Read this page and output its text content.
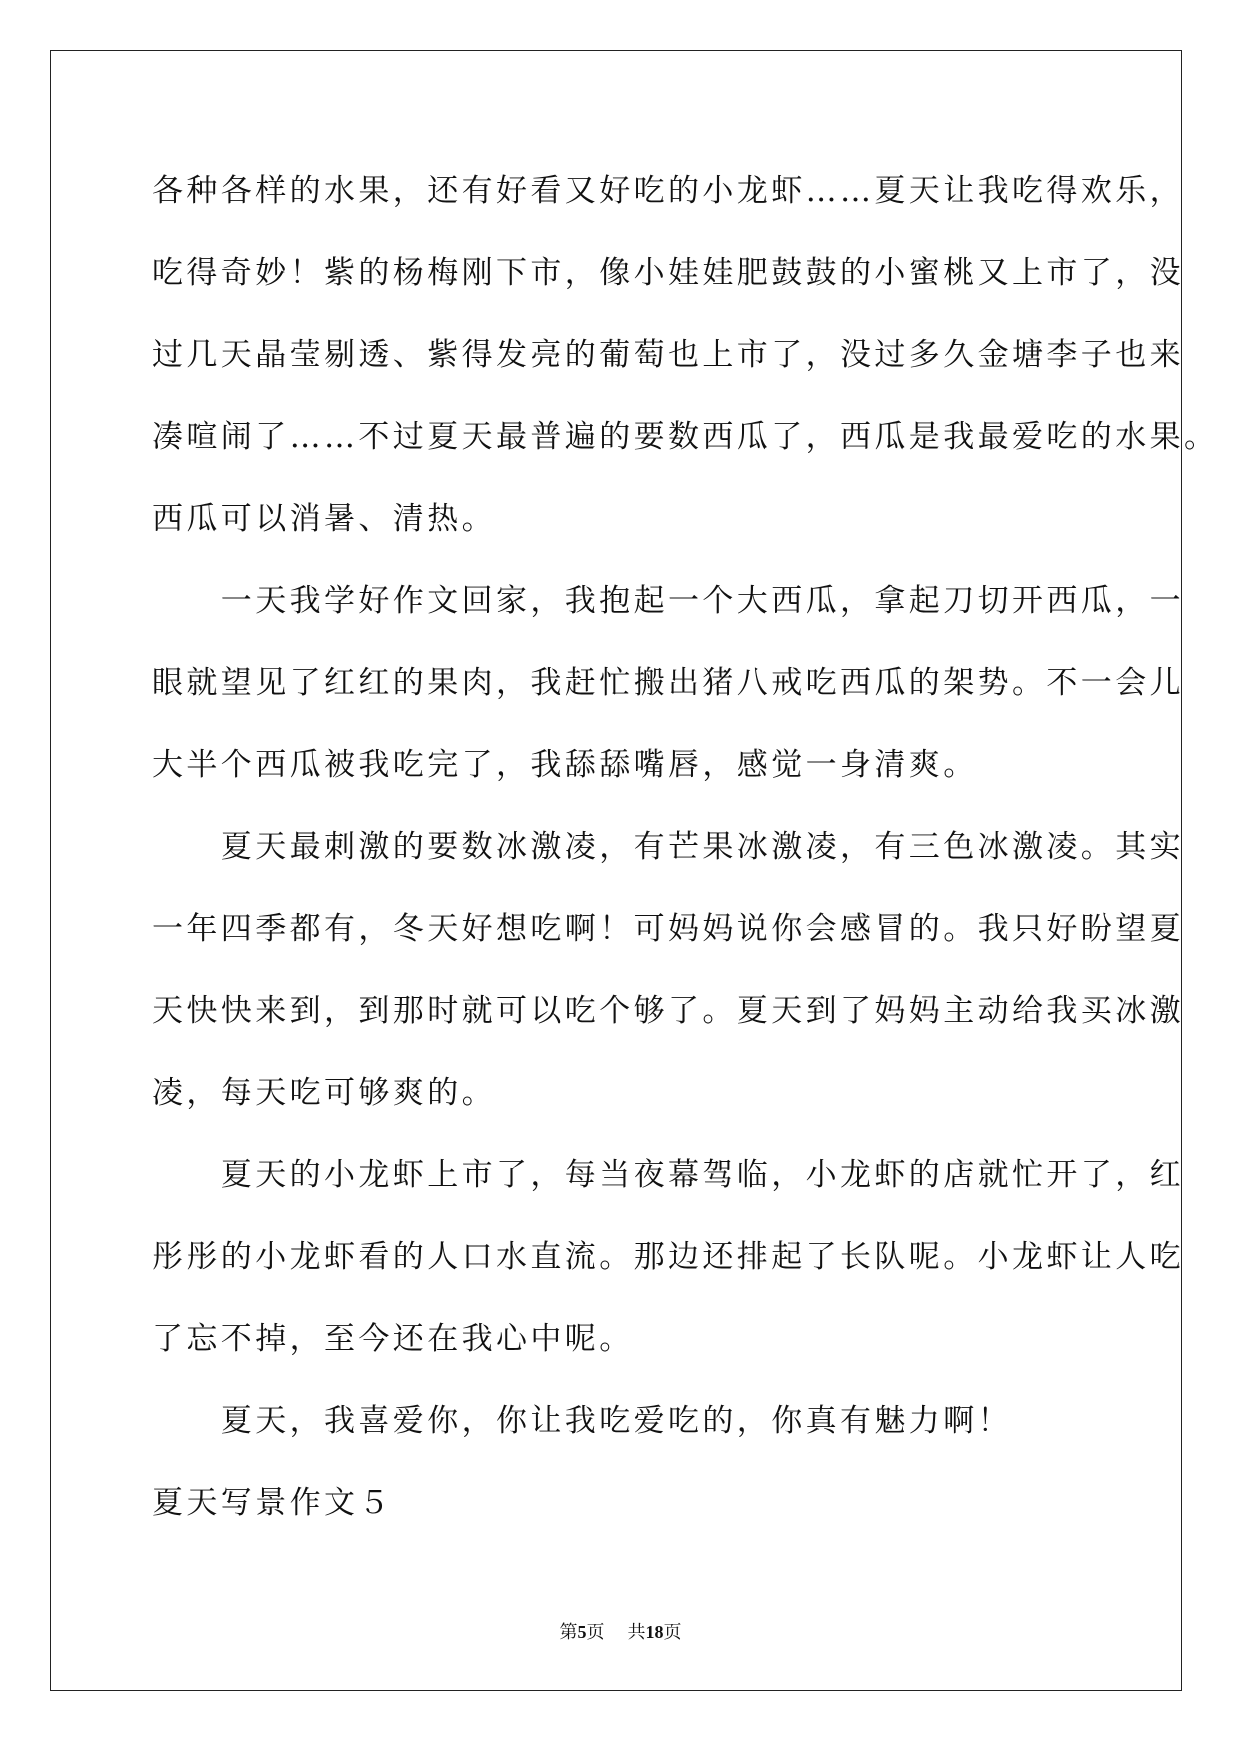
各种各样的水果，还有好看又好吃的小龙虾……夏天让我吃得欢乐，
吃得奇妙！紫的杨梅刚下市，像小娃娃肥鼓鼓的小蜜桃又上市了，没
过几天晶莹剔透、紫得发亮的葡萄也上市了，没过多久金塘李子也来
凑喧闹了……不过夏天最普遍的要数西瓜了，西瓜是我最爱吃的水果。
西瓜可以消暑、清热。
　　一天我学好作文回家，我抱起一个大西瓜，拿起刀切开西瓜，一
眼就望见了红红的果肉，我赶忙搬出猪八戒吃西瓜的架势。不一会儿
大半个西瓜被我吃完了，我舔舔嘴唇，感觉一身清爽。
　　夏天最刺激的要数冰激凌，有芒果冰激凌，有三色冰激凌。其实
一年四季都有，冬天好想吃啊！可妈妈说你会感冒的。我只好盼望夏
天快快来到，到那时就可以吃个够了。夏天到了妈妈主动给我买冰激
凌，每天吃可够爽的。
　　夏天的小龙虾上市了，每当夜幕驾临，小龙虾的店就忙开了，红
彤彤的小龙虾看的人口水直流。那边还排起了长队呢。小龙虾让人吃
了忘不掉，至今还在我心中呢。
　　夏天，我喜爱你，你让我吃爱吃的，你真有魅力啊！
夏天写景作文５
第5页 共18页
